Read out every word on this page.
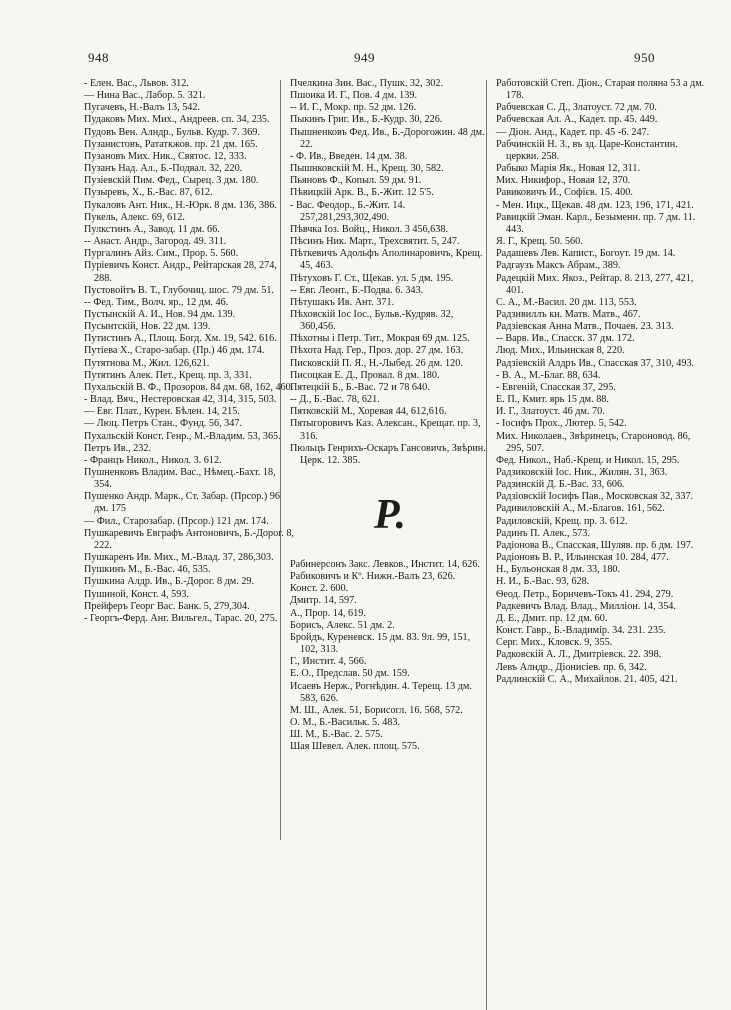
948	949	950

- Елен. Вас., Львов. 312.

— Нина Вас., Лабор. 5. 321.

Пугачевъ, Н.-Валъ 13, 542.

Пудаковъ Мих. Мих., Андреев. сп. 34, 235.

Пудовъ Вен. Алндр., Бульв. Кудр. 7. 369.

Пузанистовъ, Рататкжов. пр. 21 дм. 165.

Пузановъ Мих. Ник., Святос. 12, 333.

Пузанъ Над. Ал., Б.-Подвал. 32, 220.

Пузіевскій Пим. Фед., Сырец. 3 дм. 180.

Пузыревъ, Х., Б.-Вас. 87, 612.

Пукаловъ Ант. Ник., Н.-Юрк. 8 дм. 136, 386.

Пукель, Алекс. 69, 612.

Пулкстинъ А., Завод. 11 дм. 66.

-- Анаст. Андр., Загород. 49. 311.

Пургалинъ Айз. Сим., Прор. 5. 560.

Пуріевичъ Конст. Андр., Рейтарская 28, 274, 288.

Пустовойтъ В. Т., Глубочиц. шос. 79 дм. 51.

-- Фед. Тим., Волч. яр., 12 дм. 46.

Пустынскій А. И., Нов. 94 дм. 139.

Пусынтскій, Нов. 22 дм. 139.

Путистинъ А., Площ. Богд. Хм. 19, 542. 616.

Путіева Х., Старо-забар. (Пр.) 46 дм. 174.

Путятнова М., Жил. 126,621.

Путятинъ Алек. Пет., Крещ. пр. 3, 331.

Пухальскій В. Ф., Прозоров. 84 дм. 68, 162, 460.

- Влад. Вяч., Нестеровская 42, 314, 315, 503.

— Евг. Плат., Курен. Бѣлен. 14, 215.

— Люц. Петръ Стан., Фунд. 56, 347.

Пухальскій Конст. Генр., М.-Владим. 53, 365.

Петръ Ив., 232.

- Францъ Никол., Никол. 3. 612.

Пушненковъ Владим. Вас., Нѣмец.-Бахт. 18, 354.

Пушенко Андр. Марк., Ст. Забар. (Прсор.) 96 дм. 175

— Фил., Старозабар. (Прсор.) 121 дм. 174.

Пушкаревичъ Евграфъ Антоновичъ, Б.-Дорог. 8, 222.

Пушкаренъ Ив. Мих., М.-Влад. 37, 286,303.

Пушкинъ М., Б.-Вас. 46, 535.

Пушкина Алдр. Ив., Б.-Дорог. 8 дм. 29.

Пушиной, Конст. 4, 593.

Прейферъ Георг Вас. Банк. 5, 279,304.

- Георгъ-Ферд. Анг. Вильгел., Тарас. 20, 275.

Пчелкина Зин. Вас., Пушк. 32, 302.

Пшоика И. Г., Пов. 4 дм. 139.

-- И. Г., Мокр. пр. 52 дм. 126.

Пыкинъ Григ. Ив., Б.-Кудр. 30, 226.

Пышненковъ Фед. Ив., Б.-Дорогожин. 48 дм. 22.

- Ф. Ив., Введен. 14 дм. 38.

Пышнковскій М. Н., Крещ. 30, 582.

Пьяновъ Ф., Копыл. 59 дм. 91.

Пѣвицкій Арк. В., Б.-Жит. 12 5'5.

- Вас. Феодор., Б.-Жит. 14. 257,281,293,302,490.

Пѣвчка Іоз. Войц., Никол. 3 456,638.

Пѣсинъ Ник. Март., Трехсвятит. 5, 247.

Пѣткевичъ Адольфъ Аполинаровичъ, Крещ. 45, 463.

Пѣтуховъ Г. Ст., Щекав. ул. 5 дм. 195.

-- Евг. Леонт., Б.-Подва. 6. 343.

Пѣтушакъ Ив. Ант. 371.

Пѣховскій Іос Іос., Бульв.-Кудряв. 32, 360,456.

Пѣхотны і Петр. Тит., Мокрая 69 дм. 125.

Пѣхота Над. Гер., Проз. дор. 27 дм. 163.

Писковскій П. Я., Н.-Лыбед. 26 дм. 120.

Писоцкая Е. Д., Провал. 8 дм. 180.

Пятецкій Б., Б.-Вас. 72 и 78 640.

-- Д., Б.-Вас. 78, 621.

Пятковскій М., Хоревая 44, 612,616.

Пятыгоровичъ Каз. Алексан., Крещат. пр. 3, 316.

Пюльцъ Генрихъ-Оскаръ Гансовичъ, Звѣрин. Церк. 12. 385.

Р.

Рабинерсонъ Закс. Левков., Инстит. 14, 626.

Рабиковичъ и Кº. Нижн.-Валъ 23, 626.

Конст. 2. 600.

Дмитр. 14, 597.

А., Прор. 14, 619.

Борисъ, Алекс. 51 дм. 2.

Бройдъ, Куреневск. 15 дм. 83. 9л. 99, 151, 102, 313.

Г., Инстит. 4, 566.

Е. О., Предслав. 50 дм. 159.

Исаевъ Нерж., Рогнѣдин. 4. Терещ. 13 дм. 583, 626.

М. Ш., Алек. 51, Борисогл. 16. 568, 572.

О. М., Б.-Васильк. 5. 483.

Ш. М., Б.-Вас. 2. 575.

Шая Шевел. Алек. площ. 575.

Работовскій Степ. Діон., Старая поляна 53 а дм. 178.

Рабчевская С. Д., Златоуст. 72 дм. 70.

Рабчевская Ал. А., Кадет. пр. 45. 449.

— Діон. Анд., Кадет. пр. 45 -6. 247.

Рабчинскій Н. З., въ зд. Царе-Константин. церкви. 258.

Рабыко Марія Як., Новая 12, 311.

Мих. Никифор., Новая 12, 370.

Равиковичъ И., Софієв. 15. 400.

- Мен. Ицк., Щекав. 48 дм. 123, 196, 171, 421.

Равицкій Эман. Карл., Безыменн. пр. 7 дм. 11. 443.

Я. Г., Крещ. 50. 560.

Радашевъ Лев. Капист., Богоут. 19 дм. 14.

Радгаузъ Максъ Абрам., 389.

Радецкій Мих. Якоз., Рейтар. 8. 213, 277, 421, 401.

С. А., М.-Васил. 20 дм. 113, 553.

Радзивиллъ кн. Матв. Матв., 467.

Радзіевская Анна Матв., Почаев. 23. 313.

-- Варв. Ив., Спасск. 37 дм. 172.

Люд. Мих., Ильинская 8, 220.

Радзіевскій Алдръ Ив., Спасская 37, 310, 493.

- В. А., М.-Благ. 88, 634.

- Евгеній, Спасская 37, 295.

Е. П., Кмит. ярь 15 дм. 88.

И. Г., Златоуст. 46 дм. 70.

- Іосифъ Прох., Лютер. 5, 542.

Мих. Николаев., Звѣринецъ, Староновод. 86, 295, 507.

Фед. Никол., Наб.-Крещ. и Никол. 15, 295.

Радзиковскій Іос. Ник., Жилян. 31, 363.

Радзинскій Д. Б.-Вас. 33, 606.

Радзіовскій Іосифъ Пав., Московская 32, 337.

Радивиловскій А., М.-Благов. 161, 562.

Радиловскій, Крещ. пр. 3. 612.

Радинъ П. Алек., 573.

Радіонова В., Спасская, Шуляв. пр. 6 дм. 197.

Радіоновъ В. Р., Ильинская 10. 284, 477.

Н., Бульонская 8 дм. 33, 180.

Н. И., Б.-Вас. 93, 628.

Ѳеод. Петр., Борнчевъ-Токъ 41. 294, 279.

Радкевичъ Влад. Влад., Милліон. 14, 354.

Д. Е., Дмит. пр. 12 дм. 60.

Конст. Гавр., Б.-Владимір. 34. 231. 235.

Серг. Мих., Кловск. 9, 355.

Радковскій А. Л., Дмитріевск. 22. 398.

Левъ Алндр., Діонисіев. пр. 6, 342.

Радлинскій С. А., Михайлов. 21. 405, 421.
